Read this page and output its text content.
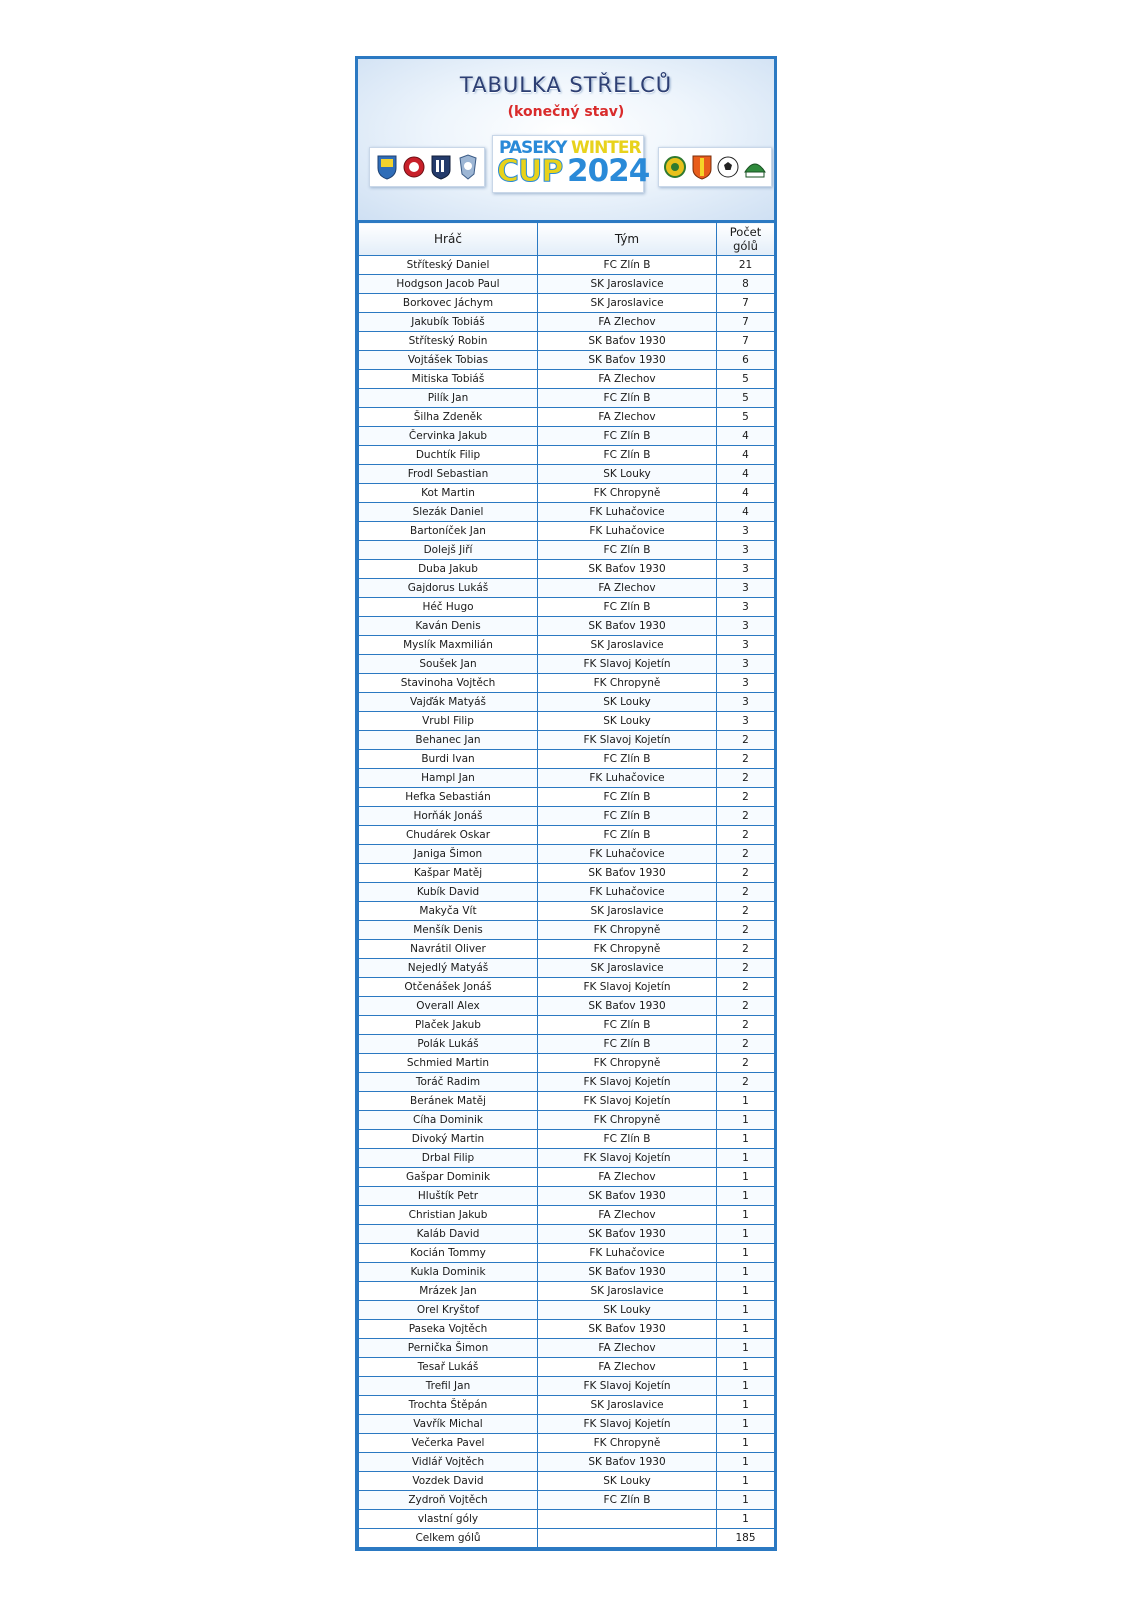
TABULKA STŘELCŮ
(konečný stav)
PASEKY WINTER
CUP 2024
Hráč	Tým	Počet
gólů
Stříteský Daniel	FC Zlín B	21
Hodgson Jacob Paul	SK Jaroslavice	8
Borkovec Jáchym	SK Jaroslavice	7
Jakubík Tobiáš	FA Zlechov	7
Stříteský Robin	SK Baťov 1930	7
Vojtášek Tobias	SK Baťov 1930	6
Mitiska Tobiáš	FA Zlechov	5
Pilík Jan	FC Zlín B	5
Šilha Zdeněk	FA Zlechov	5
Červinka Jakub	FC Zlín B	4
Duchtík Filip	FC Zlín B	4
Frodl Sebastian	SK Louky	4
Kot Martin	FK Chropyně	4
Slezák Daniel	FK Luhačovice	4
Bartoníček Jan	FK Luhačovice	3
Dolejš Jiří	FC Zlín B	3
Duba Jakub	SK Baťov 1930	3
Gajdorus Lukáš	FA Zlechov	3
Héč Hugo	FC Zlín B	3
Kaván Denis	SK Baťov 1930	3
Myslík Maxmilián	SK Jaroslavice	3
Soušek Jan	FK Slavoj Kojetín	3
Stavinoha Vojtěch	FK Chropyně	3
Vajďák Matyáš	SK Louky	3
Vrubl Filip	SK Louky	3
Behanec Jan	FK Slavoj Kojetín	2
Burdi Ivan	FC Zlín B	2
Hampl Jan	FK Luhačovice	2
Hefka Sebastián	FC Zlín B	2
Horňák Jonáš	FC Zlín B	2
Chudárek Oskar	FC Zlín B	2
Janiga Šimon	FK Luhačovice	2
Kašpar Matěj	SK Baťov 1930	2
Kubík David	FK Luhačovice	2
Makyča Vít	SK Jaroslavice	2
Menšík Denis	FK Chropyně	2
Navrátil Oliver	FK Chropyně	2
Nejedlý Matyáš	SK Jaroslavice	2
Otčenášek Jonáš	FK Slavoj Kojetín	2
Overall Alex	SK Baťov 1930	2
Plaček Jakub	FC Zlín B	2
Polák Lukáš	FC Zlín B	2
Schmied Martin	FK Chropyně	2
Toráč Radim	FK Slavoj Kojetín	2
Beránek Matěj	FK Slavoj Kojetín	1
Cíha Dominik	FK Chropyně	1
Divoký Martin	FC Zlín B	1
Drbal Filip	FK Slavoj Kojetín	1
Gašpar Dominik	FA Zlechov	1
Hluštík Petr	SK Baťov 1930	1
Christian Jakub	FA Zlechov	1
Kaláb David	SK Baťov 1930	1
Kocián Tommy	FK Luhačovice	1
Kukla Dominik	SK Baťov 1930	1
Mrázek Jan	SK Jaroslavice	1
Orel Kryštof	SK Louky	1
Paseka Vojtěch	SK Baťov 1930	1
Pernička Šimon	FA Zlechov	1
Tesař Lukáš	FA Zlechov	1
Trefil Jan	FK Slavoj Kojetín	1
Trochta Štěpán	SK Jaroslavice	1
Vavřík Michal	FK Slavoj Kojetín	1
Večerka Pavel	FK Chropyně	1
Vidlář Vojtěch	SK Baťov 1930	1
Vozdek David	SK Louky	1
Zydroň Vojtěch	FC Zlín B	1
vlastní góly		1
Celkem gólů		185
